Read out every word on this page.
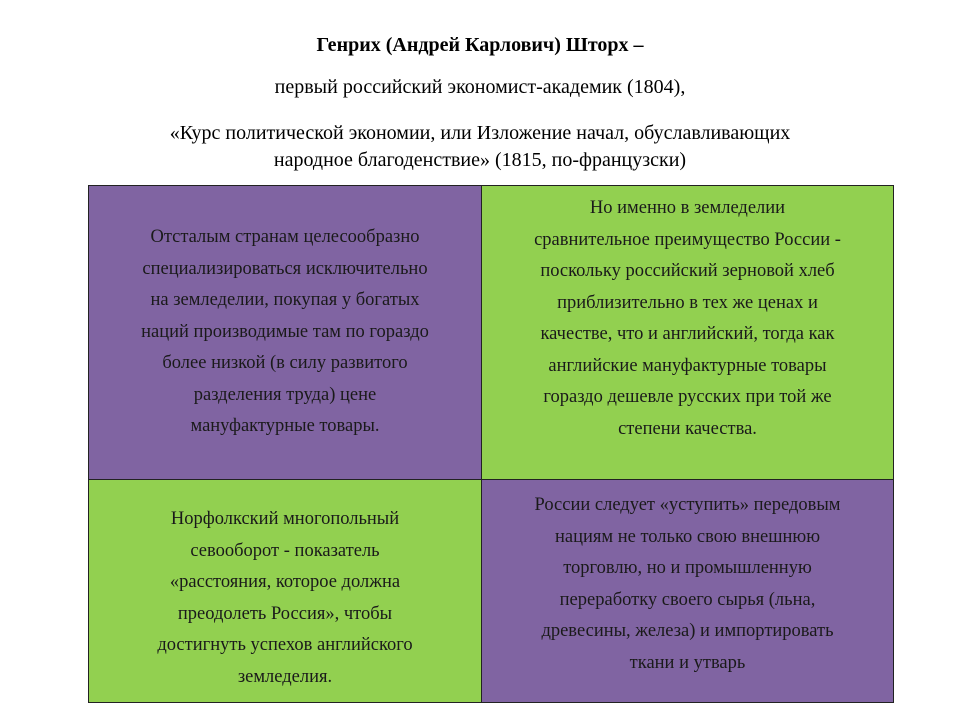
Генрих (Андрей Карлович) Шторх –
первый российский экономист-академик (1804),
«Курс политической экономии, или Изложение начал, обуславливающих
народное благоденствие» (1815, по-французски)
Отсталым странам целесообразно
специализироваться исключительно
на земледелии, покупая у богатых
наций производимые там по гораздо
более низкой (в силу развитого
разделения труда) цене
мануфактурные товары.
Но именно в земледелии
сравнительное преимущество России -
поскольку российский зерновой хлеб
приблизительно в тех же ценах и
качестве, что и английский, тогда как
английские мануфактурные товары
гораздо дешевле русских при той же
степени качества.
Норфолкский многопольный
севооборот - показатель
«расстояния, которое должна
преодолеть Россия», чтобы
достигнуть успехов английского
земледелия.
России следует «уступить» передовым
нациям не только свою внешнюю
торговлю, но и промышленную
переработку своего сырья (льна,
древесины, железа) и импортировать
ткани и утварь
